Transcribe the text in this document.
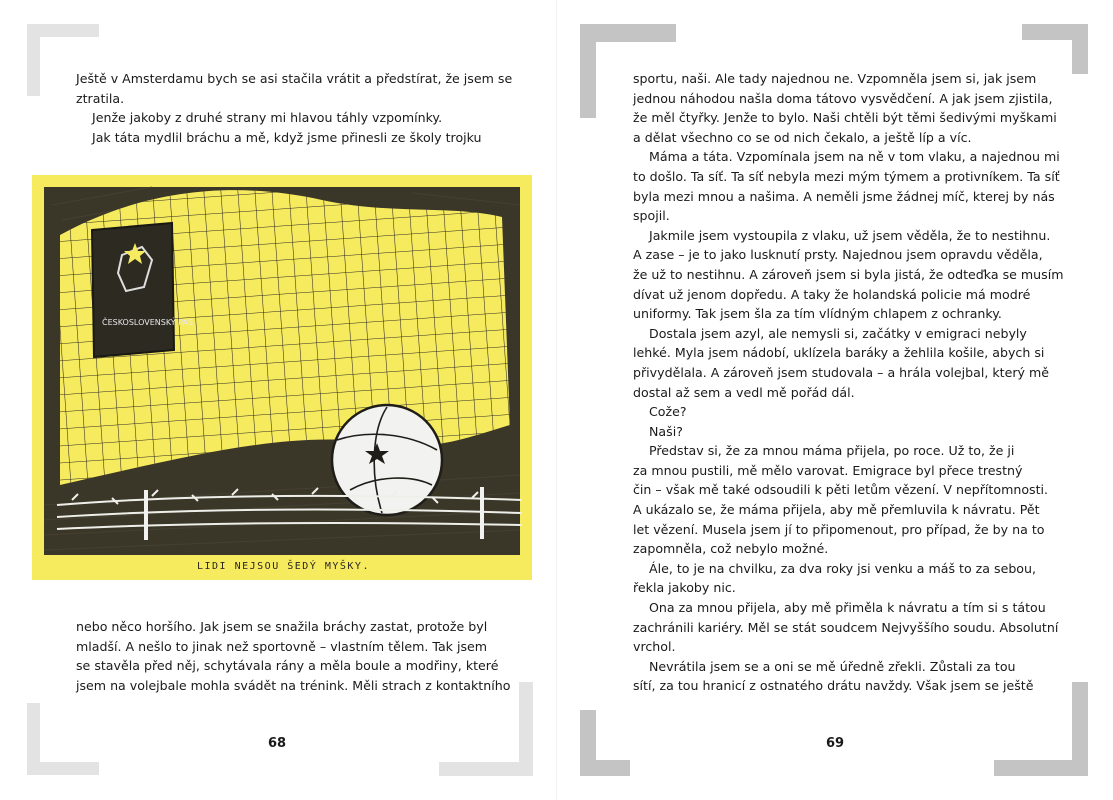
Ještě v Amsterdamu bych se asi stačila vrátit a předstírat, že jsem se
ztratila.
Jenže jakoby z druhé strany mi hlavou táhly vzpomínky.
Jak táta mydlil bráchu a mě, když jsme přinesli ze školy trojku
ČESKOSLOVENSKÝ PAS
LIDI NEJSOU ŠEDÝ MYŠKY.
nebo něco horšího. Jak jsem se snažila bráchy zastat, protože byl
mladší. A nešlo to jinak než sportovně – vlastním tělem. Tak jsem
se stavěla před něj, schytávala rány a měla boule a modřiny, které
jsem na volejbale mohla svádět na trénink. Měli strach z kontaktního
68
sportu, naši. Ale tady najednou ne. Vzpomněla jsem si, jak jsem
jednou náhodou našla doma tátovo vysvědčení. A jak jsem zjistila,
že měl čtyřky. Jenže to bylo. Naši chtěli být těmi šedivými myškami
a dělat všechno co se od nich čekalo, a ještě líp a víc.
Máma a táta. Vzpomínala jsem na ně v tom vlaku, a najednou mi
to došlo. Ta síť. Ta síť nebyla mezi mým týmem a protivníkem. Ta síť
byla mezi mnou a našima. A neměli jsme žádnej míč, kterej by nás
spojil.
Jakmile jsem vystoupila z vlaku, už jsem věděla, že to nestihnu.
A zase – je to jako lusknutí prsty. Najednou jsem opravdu věděla,
že už to nestihnu. A zároveň jsem si byla jistá, že odteďka se musím
dívat už jenom dopředu. A taky že holandská policie má modré
uniformy. Tak jsem šla za tím vlídným chlapem z ochranky.
Dostala jsem azyl, ale nemysli si, začátky v emigraci nebyly
lehké. Myla jsem nádobí, uklízela baráky a žehlila košile, abych si
přivydělala. A zároveň jsem studovala – a hrála volejbal, který mě
dostal až sem a vedl mě pořád dál.
Cože?
Naši?
Představ si, že za mnou máma přijela, po roce. Už to, že ji
za mnou pustili, mě mělo varovat. Emigrace byl přece trestný
čin – však mě také odsoudili k pěti letům vězení. V nepřítomnosti.
A ukázalo se, že máma přijela, aby mě přemluvila k návratu. Pět
let vězení. Musela jsem jí to připomenout, pro případ, že by na to
zapomněla, což nebylo možné.
Ále, to je na chvilku, za dva roky jsi venku a máš to za sebou,
řekla jakoby nic.
Ona za mnou přijela, aby mě přiměla k návratu a tím si s tátou
zachránili kariéry. Měl se stát soudcem Nejvyššího soudu. Absolutní
vrchol.
Nevrátila jsem se a oni se mě úředně zřekli. Zůstali za tou
sítí, za tou hranicí z ostnatého drátu navždy. Však jsem se ještě
69
